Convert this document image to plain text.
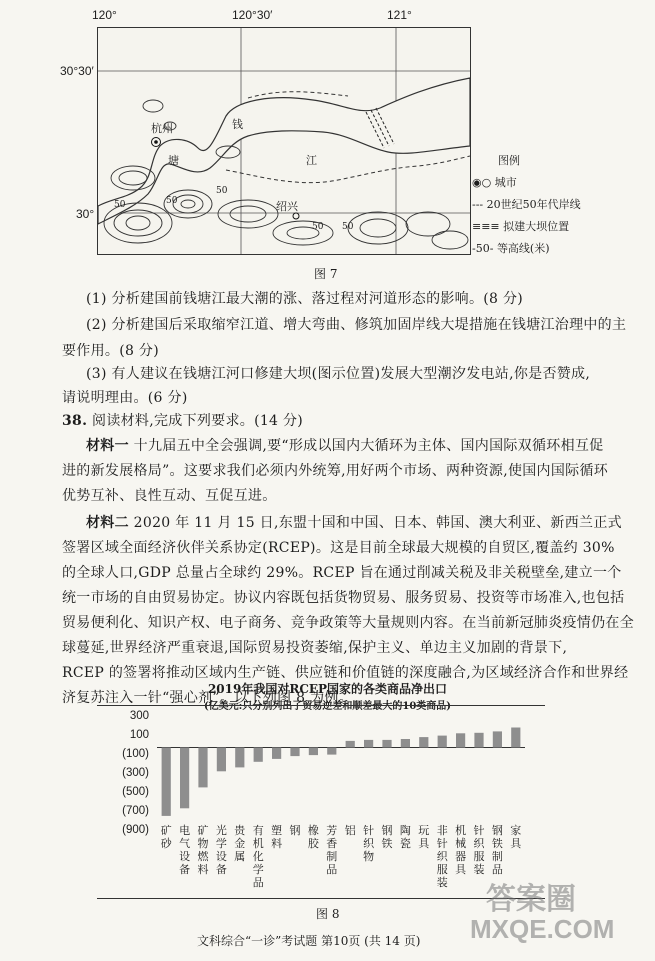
120°	120°30′	121°
30°30′
30°
杭州	钱
塘	江
绍兴
50
50
50
50
50
图例
◉○ 城市
--- 20世纪50年代岸线
≡≡≡ 拟建大坝位置
-50- 等高线(米)
图 7
(1) 分析建国前钱塘江最大潮的涨、落过程对河道形态的影响。(8 分)
(2) 分析建国后采取缩窄江道、增大弯曲、修筑加固岸线大堤措施在钱塘江治理中的主
要作用。(8 分)
(3) 有人建议在钱塘江河口修建大坝(图示位置)发展大型潮汐发电站,你是否赞成,
请说明理由。(6 分)
38. 阅读材料,完成下列要求。(14 分)
材料一 十九届五中全会强调,要“形成以国内大循环为主体、国内国际双循环相互促
进的新发展格局”。这要求我们必须内外统筹,用好两个市场、两种资源,使国内国际循环
优势互补、良性互动、互促互进。
材料二 2020 年 11 月 15 日,东盟十国和中国、日本、韩国、澳大利亚、新西兰正式
签署区域全面经济伙伴关系协定(RCEP)。这是目前全球最大规模的自贸区,覆盖约 30%
的全球人口,GDP 总量占全球约 29%。RCEP 旨在通过削减关税及非关税壁垒,建立一个
统一市场的自由贸易协定。协议内容既包括货物贸易、服务贸易、投资等市场准入,也包括
贸易便利化、知识产权、电子商务、竞争政策等大量规则内容。在当前新冠肺炎疫情仍在全
球蔓延,世界经济严重衰退,国际贸易投资萎缩,保护主义、单边主义加剧的背景下,
RCEP 的签署将推动区域内生产链、供应链和价值链的深度融合,为区域经济合作和世界经
济复苏注入一针“强心剂”。以下列图 8 为例。
2019年我国对RCEP国家的各类商品净出口
(亿美元:只分别列出了贸易逆差和顺差最大的10类商品)
300
100
(100)
(300)
(500)
(700)
(900) 矿砂
电气设备
矿物燃料
光学设备
贵金属
有机化学品
塑料
钢 橡胶
芳香制品
铝 针织物
钢铁
陶瓷
玩具
非针织服装
机械器具
针织服装
钢铁制品
家具
图 8
文科综合“一诊”考试题 第10页 (共 14 页)
答案圈
MXQE.COM
